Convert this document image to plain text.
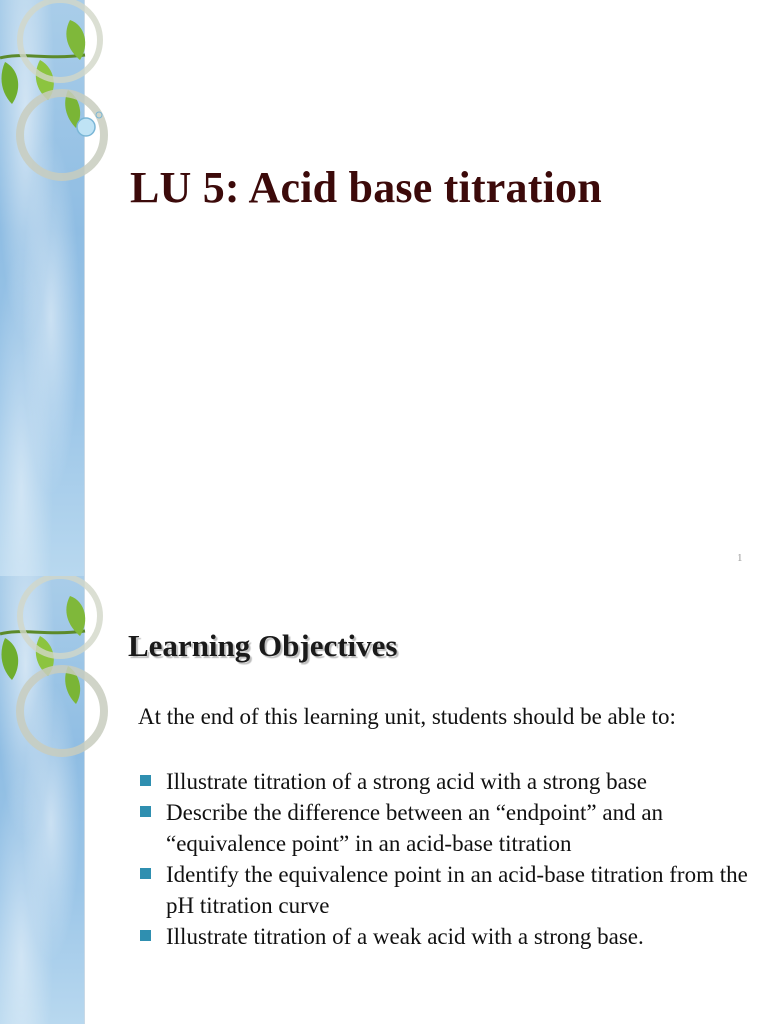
LU 5: Acid base titration
1
Learning Objectives
At the end of this learning unit, students should be able to:
Illustrate titration of a strong acid with a strong base
Describe the difference between an “endpoint” and an “equivalence point” in an acid-base titration
Identify the equivalence point in an acid-base titration from the pH titration curve
Illustrate titration of a weak acid with a strong base.
